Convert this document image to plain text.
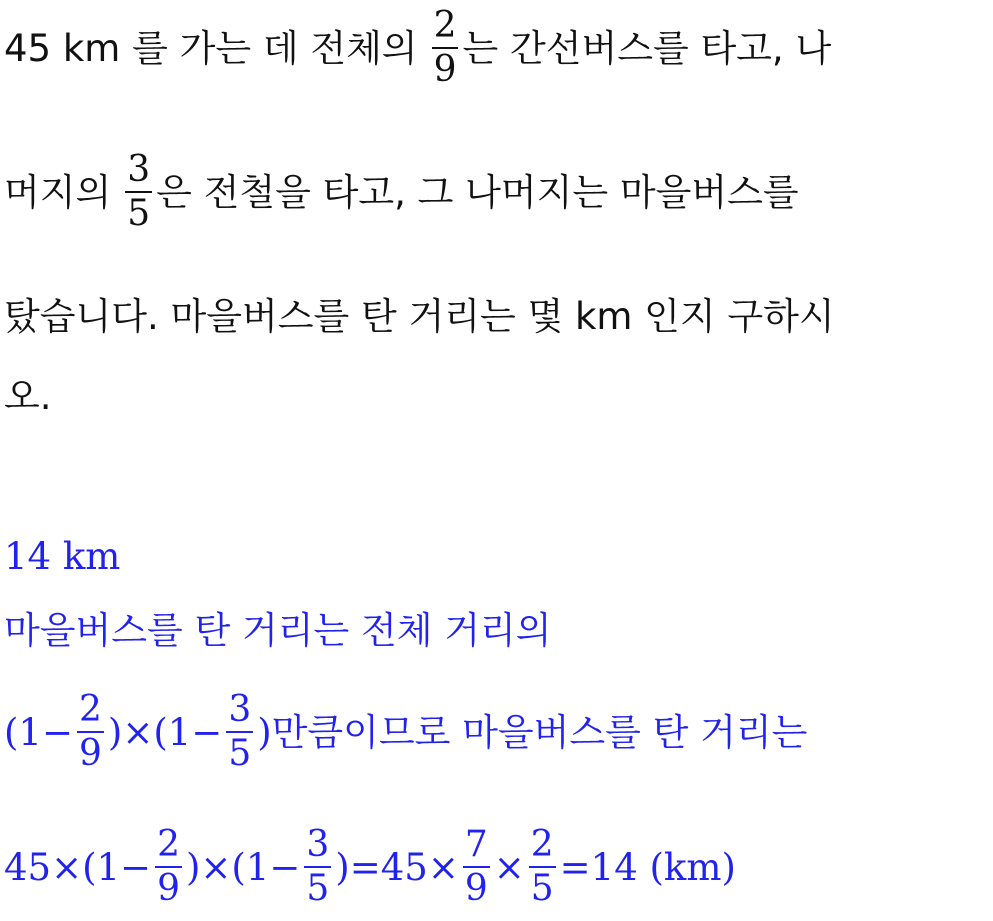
45 km 를 가는 데 전체의 $\frac{2}{9}$ 는 간선버스를 타고, 나
머지의 $\frac{3}{5}$ 은 전철을 타고, 그 나머지는 마을버스를
탔습니다. 마을버스를 탄 거리는 몇 km 인지 구하시
오.
14 km
마을버스를 탄 거리는 전체 거리의
$(1- \frac{2}{9} )\times(1- \frac{3}{5}$ ) 만큼이므로 마을버스를 탄 거리는
$45\times(1- \frac{2}{9} )\times(1- \frac{3}{5} )=45\times \frac{7}{9} \times \frac{2}{5} =14$ (km)
